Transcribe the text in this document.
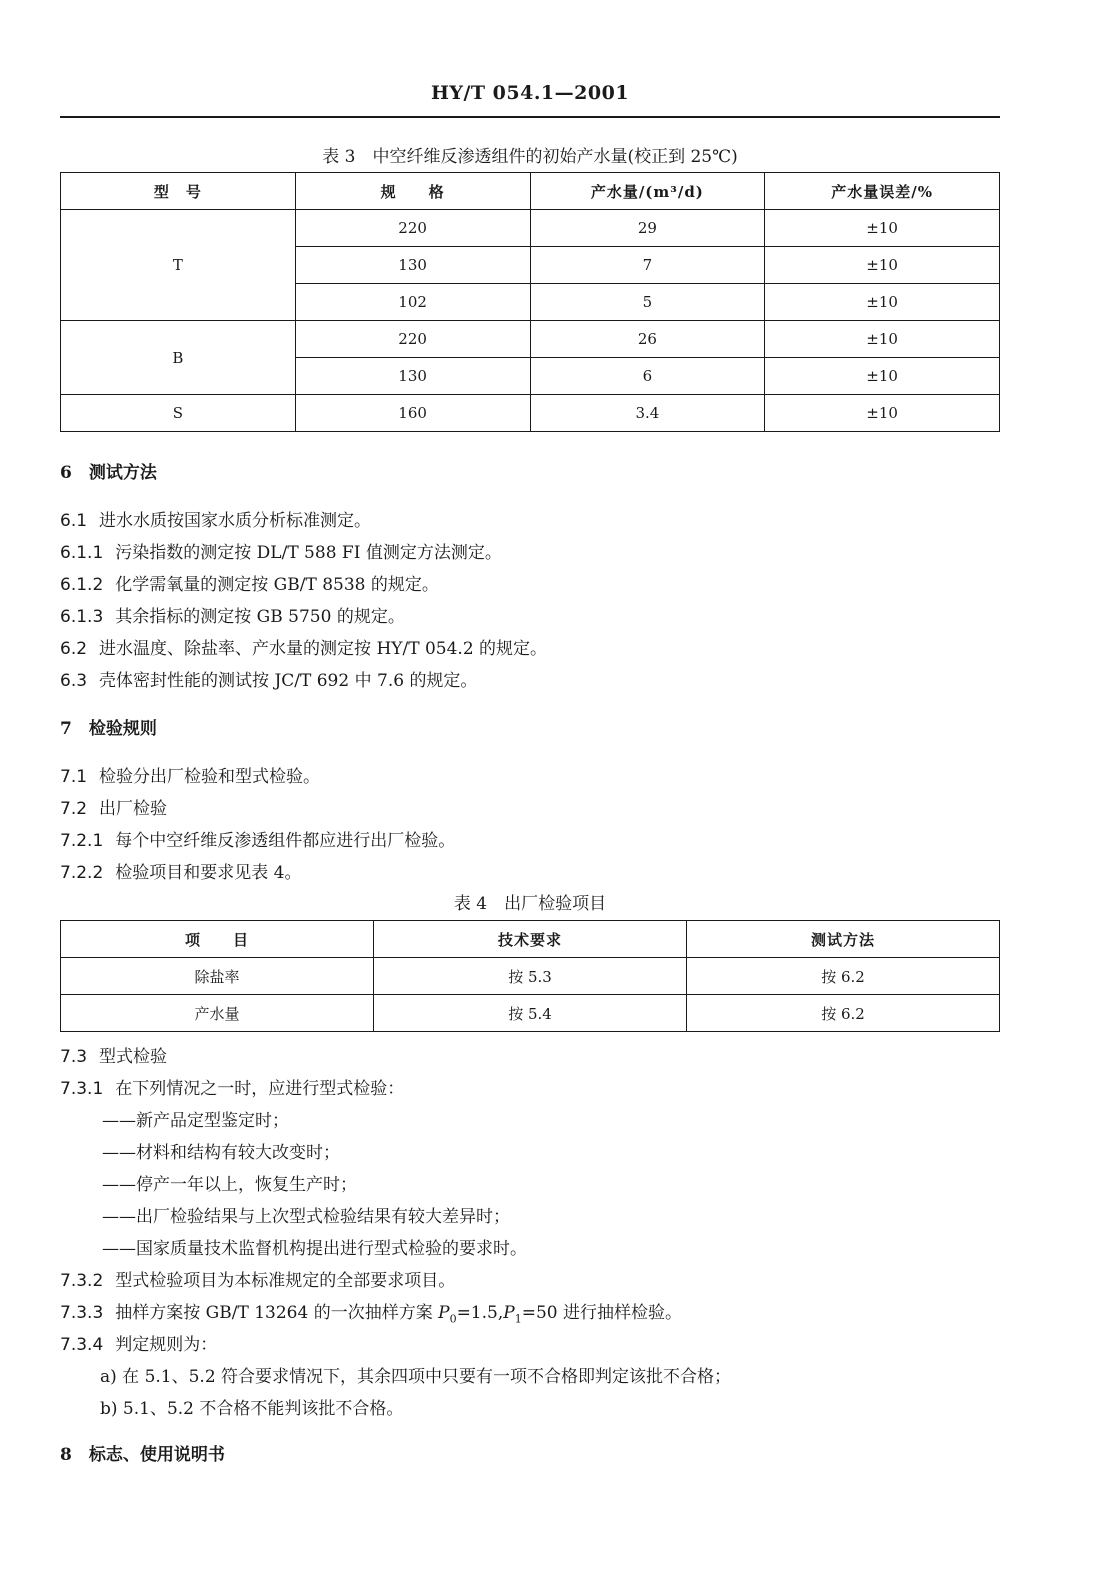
HY/T 054.1—2001
表 3　中空纤维反渗透组件的初始产水量(校正到 25℃)
型　号	规　　格	产水量/(m³/d)	产水量误差/%
T	220	29	±10
	130	7	±10
	102	5	±10
B	220	26	±10
	130	6	±10
S	160	3.4	±10
6　测试方法
6.1 进水水质按国家水质分析标准测定。
6.1.1 污染指数的测定按 DL/T 588 FI 值测定方法测定。
6.1.2 化学需氧量的测定按 GB/T 8538 的规定。
6.1.3 其余指标的测定按 GB 5750 的规定。
6.2 进水温度、除盐率、产水量的测定按 HY/T 054.2 的规定。
6.3 壳体密封性能的测试按 JC/T 692 中 7.6 的规定。
7　检验规则
7.1 检验分出厂检验和型式检验。
7.2 出厂检验
7.2.1 每个中空纤维反渗透组件都应进行出厂检验。
7.2.2 检验项目和要求见表 4。
表 4　出厂检验项目
项　　目	技术要求	测试方法
除盐率	按 5.3	按 6.2
产水量	按 5.4	按 6.2
7.3 型式检验
7.3.1 在下列情况之一时，应进行型式检验：
——新产品定型鉴定时；
——材料和结构有较大改变时；
——停产一年以上，恢复生产时；
——出厂检验结果与上次型式检验结果有较大差异时；
——国家质量技术监督机构提出进行型式检验的要求时。
7.3.2 型式检验项目为本标准规定的全部要求项目。
7.3.3 抽样方案按 GB/T 13264 的一次抽样方案 $P_0=1.5,P_1=50$ 进行抽样检验。
7.3.4 判定规则为：
a) 在 5.1、5.2 符合要求情况下，其余四项中只要有一项不合格即判定该批不合格；
b) 5.1、5.2 不合格不能判该批不合格。
8　标志、使用说明书
